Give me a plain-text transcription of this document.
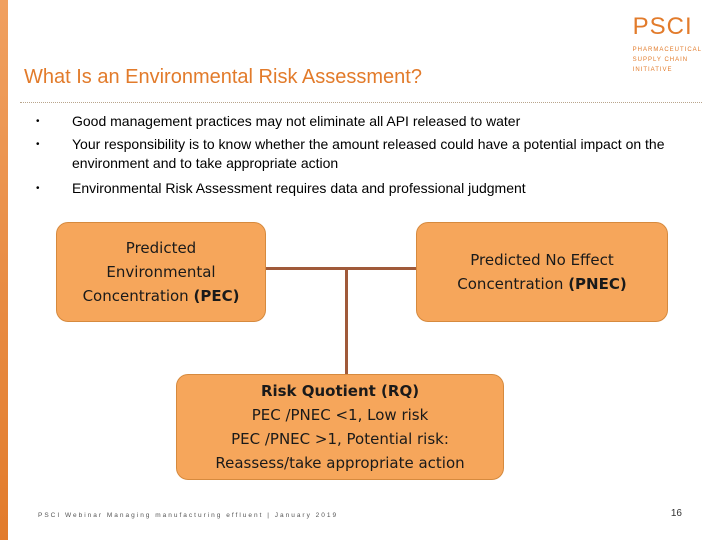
PSCI
PHARMACEUTICAL
SUPPLY CHAIN
INITIATIVE
What Is an Environmental Risk Assessment?
• Good management practices may not eliminate all API released to water
• Your responsibility is to know whether the amount released could have a potential impact on the environment and to take appropriate action
• Environmental Risk Assessment requires data and professional judgment
Predicted
Environmental
Concentration (PEC)
Predicted No Effect
Concentration (PNEC)
Risk Quotient (RQ)
PEC /PNEC <1, Low risk
PEC /PNEC >1, Potential risk:
Reassess/take appropriate action
PSCI Webinar Managing manufacturing effluent | January 2019	16
